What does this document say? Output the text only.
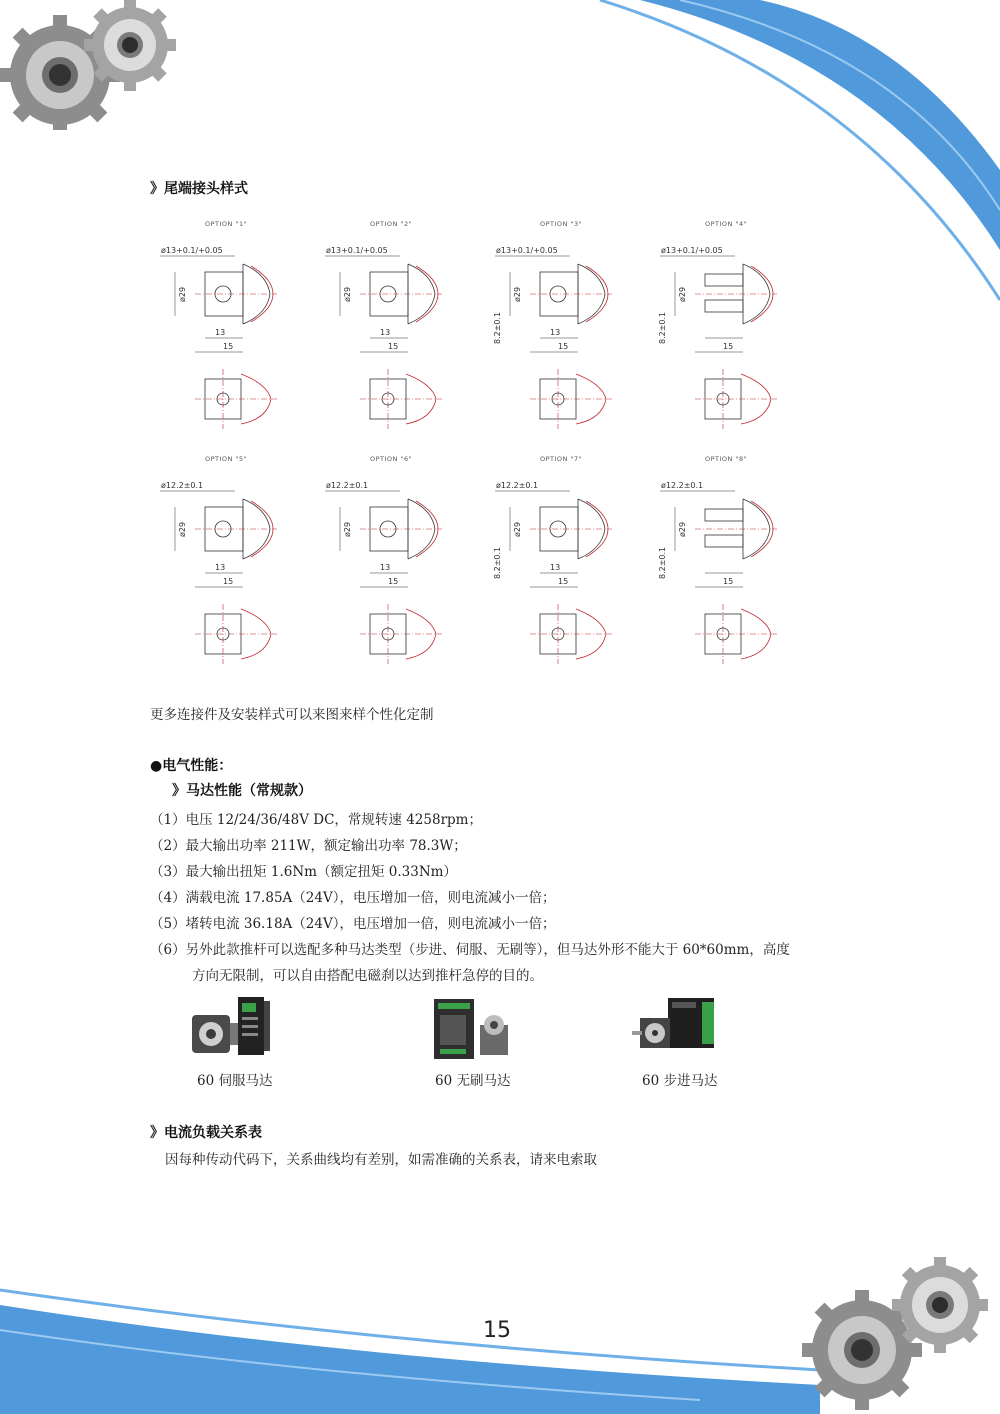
》尾端接头样式
OPTION "1"
ø13+0.1/+0.05
ø29
13
15
OPTION "2"
ø13+0.1/+0.05
ø29
13
15
OPTION "3"
ø13+0.1/+0.05
ø29
13
15
8.2±0.1
OPTION "4"
ø13+0.1/+0.05
ø29
15
8.2±0.1
OPTION "5"
ø12.2±0.1
ø29
13
15
OPTION "6"
ø12.2±0.1
ø29
13
15
OPTION "7"
ø12.2±0.1
ø29
13
15
8.2±0.1
OPTION "8"
ø12.2±0.1
ø29
15
8.2±0.1
更多连接件及安装样式可以来图来样个性化定制
●电气性能：
》马达性能（常规款）
（1）电压 12/24/36/48V DC，常规转速 4258rpm；
（2）最大输出功率 211W，额定输出功率 78.3W；
（3）最大输出扭矩 1.6Nm（额定扭矩 0.33Nm）
（4）满载电流 17.85A（24V），电压增加一倍，则电流减小一倍；
（5）堵转电流 36.18A（24V），电压增加一倍，则电流减小一倍；
（6）另外此款推杆可以选配多种马达类型（步进、伺服、无刷等），但马达外形不能大于 60*60mm，高度
方向无限制，可以自由搭配电磁刹以达到推杆急停的目的。
60 伺服马达	60 无刷马达	60 步进马达
》电流负载关系表
因每种传动代码下，关系曲线均有差别，如需准确的关系表，请来电索取
15
